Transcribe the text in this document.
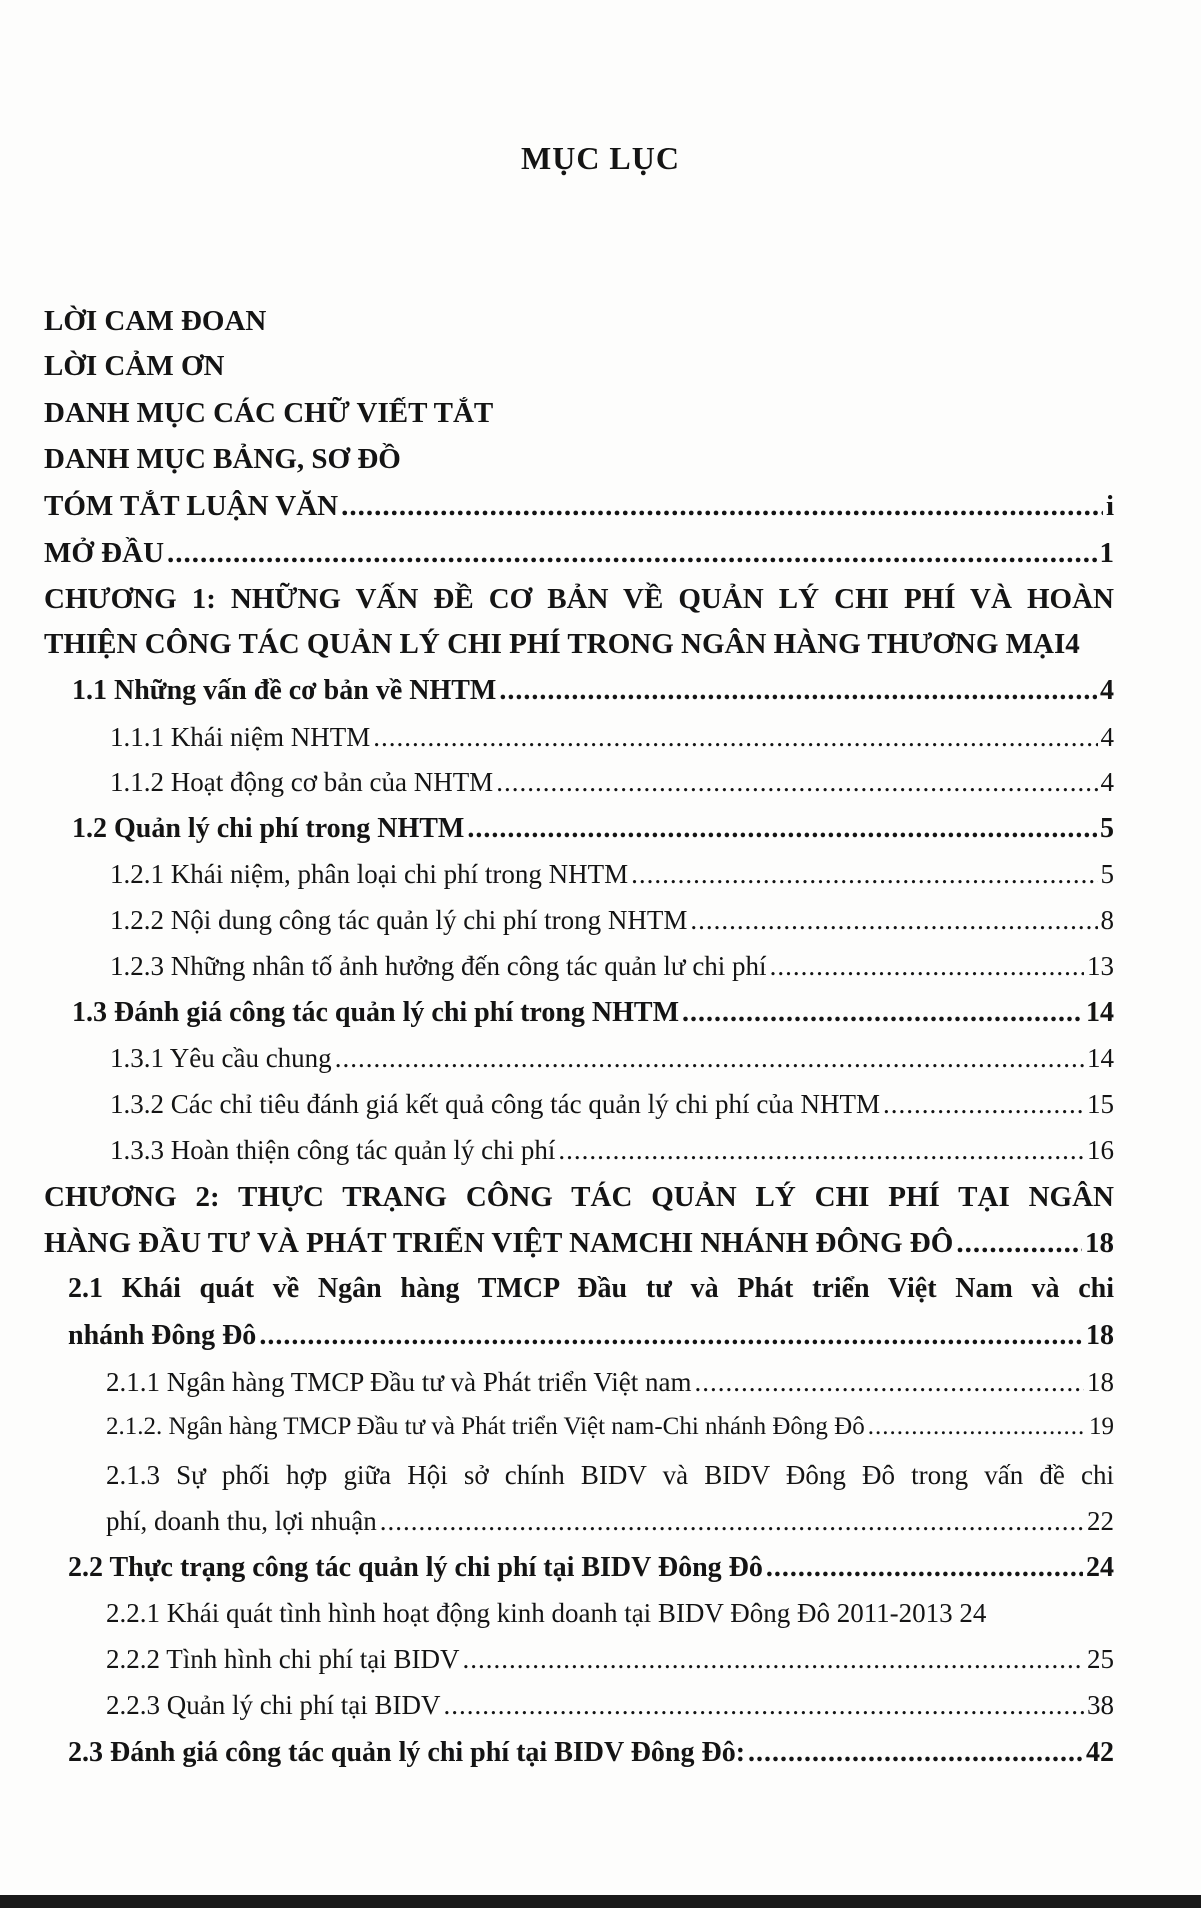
MỤC LỤC
LỜI CAM ĐOAN
LỜI CẢM ƠN
DANH MỤC CÁC CHỮ VIẾT TẮT
DANH MỤC BẢNG, SƠ ĐỒ
TÓM TẮT LUẬN VĂN .....	i
MỞ ĐẦU .....	1
CHƯƠNG 1: NHỮNG VẤN ĐỀ CƠ BẢN VỀ QUẢN LÝ CHI PHÍ VÀ HOÀN
THIỆN CÔNG TÁC QUẢN LÝ CHI PHÍ TRONG NGÂN HÀNG THƯƠNG MẠI4
1.1 Những vấn đề cơ bản về NHTM .....	4
1.1.1 Khái niệm NHTM .....	4
1.1.2 Hoạt động cơ bản của NHTM .....	4
1.2 Quản lý chi phí trong NHTM .....	5
1.2.1 Khái niệm, phân loại chi phí trong NHTM .....	5
1.2.2 Nội dung công tác quản lý chi phí trong NHTM .....	8
1.2.3 Những nhân tố ảnh hưởng đến công tác quản lư chi phí .....	13
1.3 Đánh giá công tác quản lý chi phí trong NHTM .....	14
1.3.1 Yêu cầu chung .....	14
1.3.2 Các chỉ tiêu đánh giá kết quả công tác quản lý chi phí của NHTM .....	15
1.3.3 Hoàn thiện công tác quản lý chi phí .....	16
CHƯƠNG 2: THỰC TRẠNG CÔNG TÁC QUẢN LÝ CHI PHÍ TẠI NGÂN
HÀNG ĐẦU TƯ VÀ PHÁT TRIỂN VIỆT NAMCHI NHÁNH ĐÔNG ĐÔ .....	18
2.1 Khái quát về Ngân hàng TMCP Đầu tư và Phát triển Việt Nam và chi
nhánh Đông Đô .....	18
2.1.1 Ngân hàng TMCP Đầu tư và Phát triển Việt nam .....	18
2.1.2. Ngân hàng TMCP Đầu tư và Phát triển Việt nam-Chi nhánh Đông Đô .....	19
2.1.3 Sự phối hợp giữa Hội sở chính BIDV và BIDV Đông Đô trong vấn đề chi
phí, doanh thu, lợi nhuận .....	22
2.2 Thực trạng công tác quản lý chi phí tại BIDV Đông Đô .....	24
2.2.1 Khái quát tình hình hoạt động kinh doanh tại BIDV Đông Đô 2011-2013 24
2.2.2 Tình hình chi phí tại BIDV .....	25
2.2.3 Quản lý chi phí tại BIDV .....	38
2.3 Đánh giá công tác quản lý chi phí tại BIDV Đông Đô: .....	42
